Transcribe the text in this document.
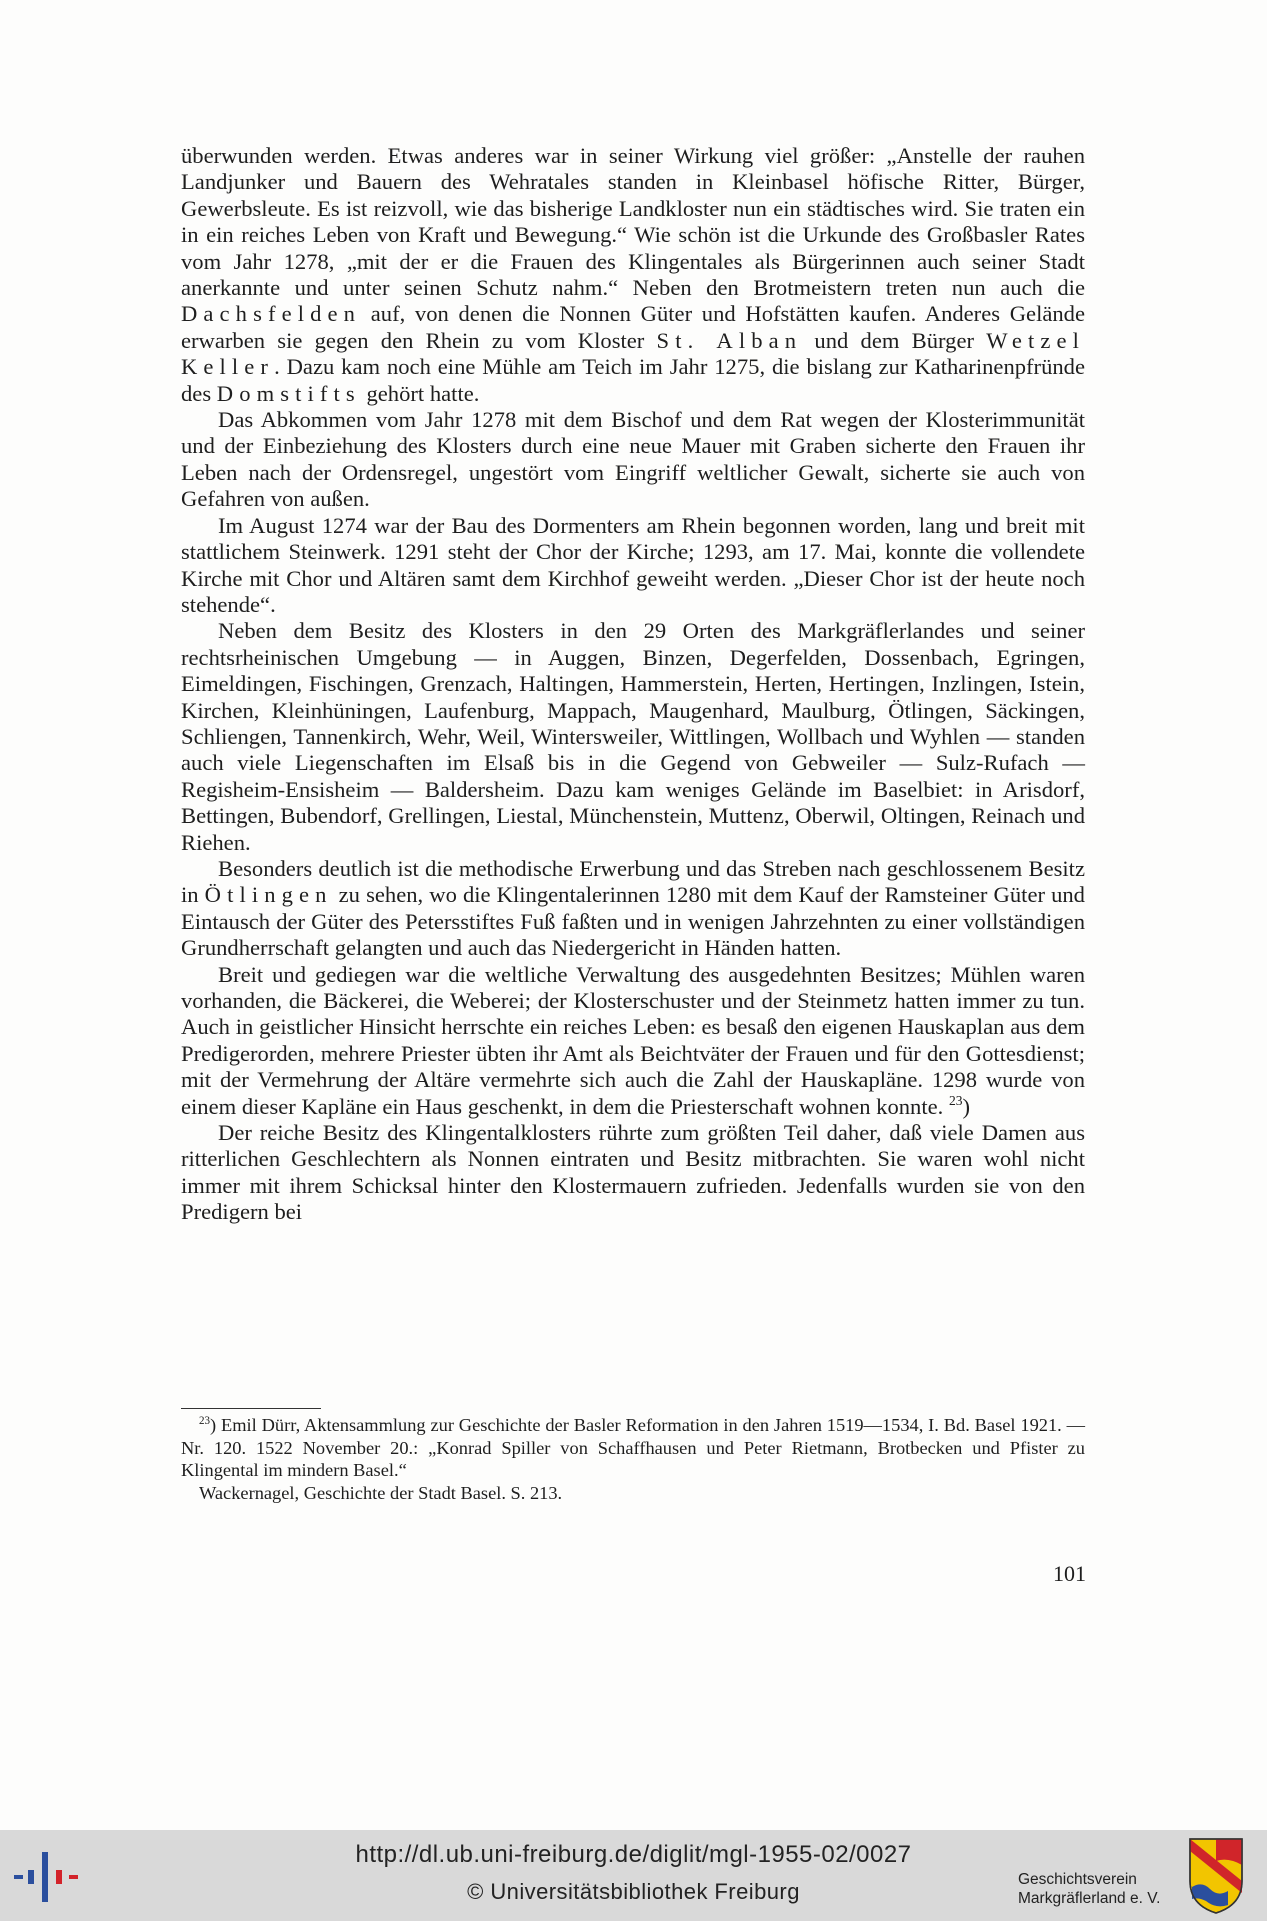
überwunden werden. Etwas anderes war in seiner Wirkung viel größer: „Anstelle der rauhen Landjunker und Bauern des Wehratales standen in Kleinbasel höfische Ritter, Bürger, Gewerbsleute. Es ist reizvoll, wie das bisherige Landkloster nun ein städtisches wird. Sie traten ein in ein reiches Leben von Kraft und Bewegung.“ Wie schön ist die Urkunde des Großbasler Rates vom Jahr 1278, „mit der er die Frauen des Klingentales als Bürgerinnen auch seiner Stadt anerkannte und unter seinen Schutz nahm.“ Neben den Brotmeistern treten nun auch die Dachsfelden auf, von denen die Nonnen Güter und Hofstätten kaufen. Anderes Gelände erwarben sie gegen den Rhein zu vom Kloster St. Alban und dem Bürger Wetzel Keller. Dazu kam noch eine Mühle am Teich im Jahr 1275, die bislang zur Katharinenpfründe des Domstifts gehört hatte.

Das Abkommen vom Jahr 1278 mit dem Bischof und dem Rat wegen der Klosterimmunität und der Einbeziehung des Klosters durch eine neue Mauer mit Graben sicherte den Frauen ihr Leben nach der Ordensregel, ungestört vom Eingriff weltlicher Gewalt, sicherte sie auch von Gefahren von außen.

Im August 1274 war der Bau des Dormenters am Rhein begonnen worden, lang und breit mit stattlichem Steinwerk. 1291 steht der Chor der Kirche; 1293, am 17. Mai, konnte die vollendete Kirche mit Chor und Altären samt dem Kirchhof geweiht werden. „Dieser Chor ist der heute noch stehende“.

Neben dem Besitz des Klosters in den 29 Orten des Markgräflerlandes und seiner rechtsrheinischen Umgebung — in Auggen, Binzen, Degerfelden, Dossenbach, Egringen, Eimeldingen, Fischingen, Grenzach, Haltingen, Hammerstein, Herten, Hertingen, Inzlingen, Istein, Kirchen, Kleinhüningen, Laufenburg, Mappach, Maugenhard, Maulburg, Ötlingen, Säckingen, Schliengen, Tannenkirch, Wehr, Weil, Wintersweiler, Wittlingen, Wollbach und Wyhlen — standen auch viele Liegenschaften im Elsaß bis in die Gegend von Gebweiler — Sulz-Rufach — Regisheim-Ensisheim — Baldersheim. Dazu kam weniges Gelände im Baselbiet: in Arisdorf, Bettingen, Bubendorf, Grellingen, Liestal, Münchenstein, Muttenz, Oberwil, Oltingen, Reinach und Riehen.

Besonders deutlich ist die methodische Erwerbung und das Streben nach geschlossenem Besitz in Ötlingen zu sehen, wo die Klingentalerinnen 1280 mit dem Kauf der Ramsteiner Güter und Eintausch der Güter des Petersstiftes Fuß faßten und in wenigen Jahrzehnten zu einer vollständigen Grundherrschaft gelangten und auch das Niedergericht in Händen hatten.

Breit und gediegen war die weltliche Verwaltung des ausgedehnten Besitzes; Mühlen waren vorhanden, die Bäckerei, die Weberei; der Klosterschuster und der Steinmetz hatten immer zu tun. Auch in geistlicher Hinsicht herrschte ein reiches Leben: es besaß den eigenen Hauskaplan aus dem Predigerorden, mehrere Priester übten ihr Amt als Beichtväter der Frauen und für den Gottesdienst; mit der Vermehrung der Altäre vermehrte sich auch die Zahl der Hauskapläne. 1298 wurde von einem dieser Kapläne ein Haus geschenkt, in dem die Priesterschaft wohnen konnte. $^{23}$)

Der reiche Besitz des Klingentalklosters rührte zum größten Teil daher, daß viele Damen aus ritterlichen Geschlechtern als Nonnen eintraten und Besitz mitbrachten. Sie waren wohl nicht immer mit ihrem Schicksal hinter den Klostermauern zufrieden. Jedenfalls wurden sie von den Predigern bei

$^{23}$) Emil Dürr, Aktensammlung zur Geschichte der Basler Reformation in den Jahren 1519—1534, I. Bd. Basel 1921. — Nr. 120. 1522 November 20.: „Konrad Spiller von Schaffhausen und Peter Rietmann, Brotbecken und Pfister zu Klingental im mindern Basel.“

Wackernagel, Geschichte der Stadt Basel. S. 213.

101
http://dl.ub.uni-freiburg.de/diglit/mgl-1955-02/0027
© Universitätsbibliothek Freiburg	Geschichtsverein
Markgräflerland e. V.
